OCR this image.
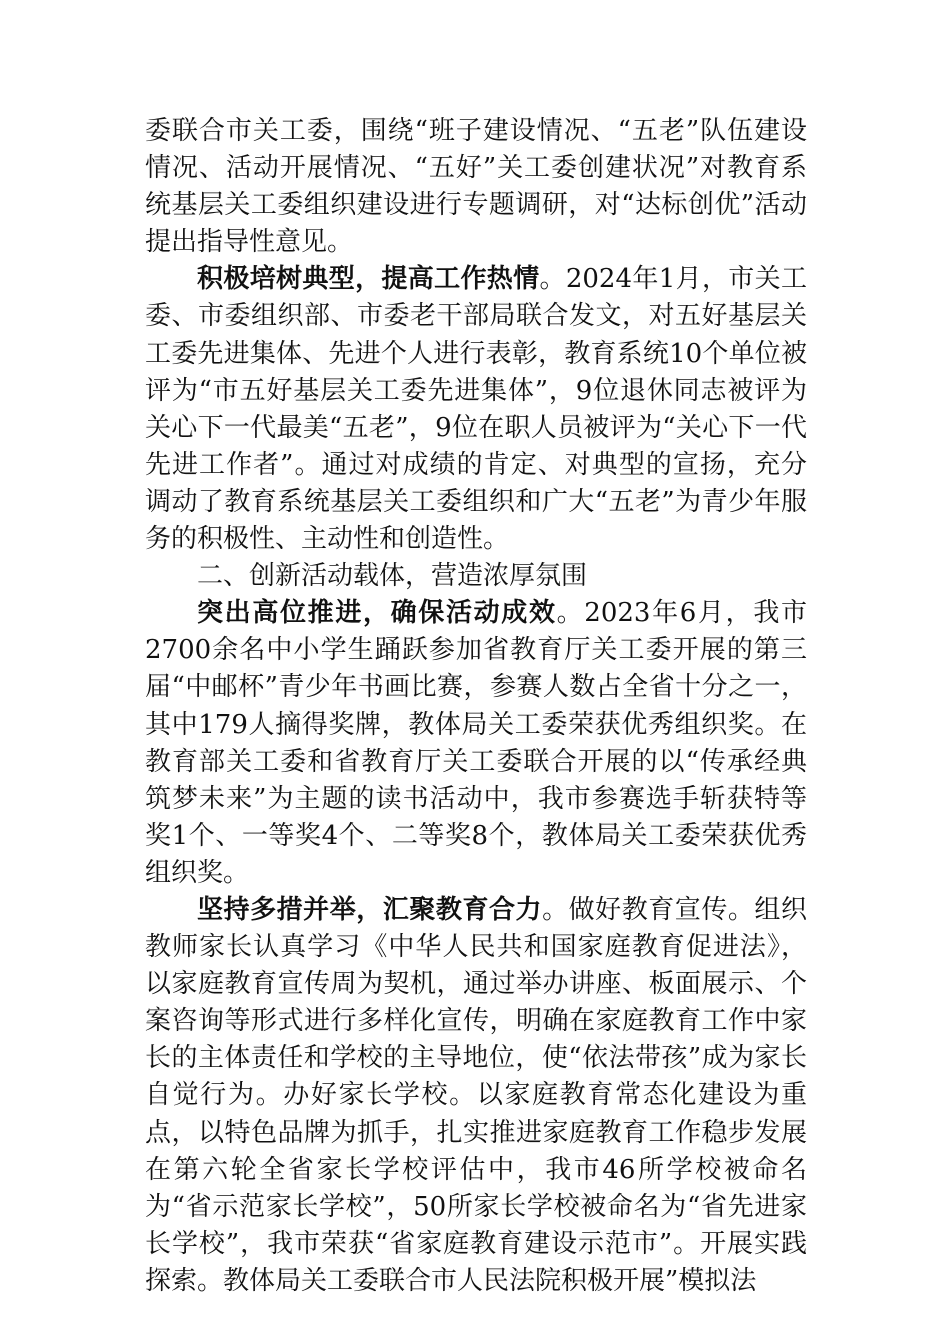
委联合市关工委，围绕“班子建设情况、“五老”队伍建设情况、活动开展情况、“五好”关工委创建状况”对教育系统基层关工委组织建设进行专题调研，对“达标创优”活动提出指导性意见。

积极培树典型，提高工作热情。2024年1月，市关工委、市委组织部、市委老干部局联合发文，对五好基层关工委先进集体、先进个人进行表彰，教育系统10个单位被评为“市五好基层关工委先进集体”，9位退休同志被评为关心下一代最美“五老”，9位在职人员被评为“关心下一代先进工作者”。通过对成绩的肯定、对典型的宣扬，充分调动了教育系统基层关工委组织和广大“五老”为青少年服务的积极性、主动性和创造性。

二、创新活动载体，营造浓厚氛围

突出高位推进，确保活动成效。2023年6月，我市2700余名中小学生踊跃参加省教育厅关工委开展的第三届“中邮杯”青少年书画比赛，参赛人数占全省十分之一，其中179人摘得奖牌，教体局关工委荣获优秀组织奖。在教育部关工委和省教育厅关工委联合开展的以“传承经典筑梦未来”为主题的读书活动中，我市参赛选手斩获特等奖1个、一等奖4个、二等奖8个，教体局关工委荣获优秀组织奖。

坚持多措并举，汇聚教育合力。做好教育宣传。组织教师家长认真学习《中华人民共和国家庭教育促进法》，以家庭教育宣传周为契机，通过举办讲座、板面展示、个案咨询等形式进行多样化宣传，明确在家庭教育工作中家长的主体责任和学校的主导地位，使“依法带孩”成为家长自觉行为。办好家长学校。以家庭教育常态化建设为重点，以特色品牌为抓手，扎实推进家庭教育工作稳步发展在第六轮全省家长学校评估中，我市46所学校被命名为“省示范家长学校”，50所家长学校被命名为“省先进家长学校”，我市荣获“省家庭教育建设示范市”。开展实践探索。教体局关工委联合市人民法院积极开展”模拟法
